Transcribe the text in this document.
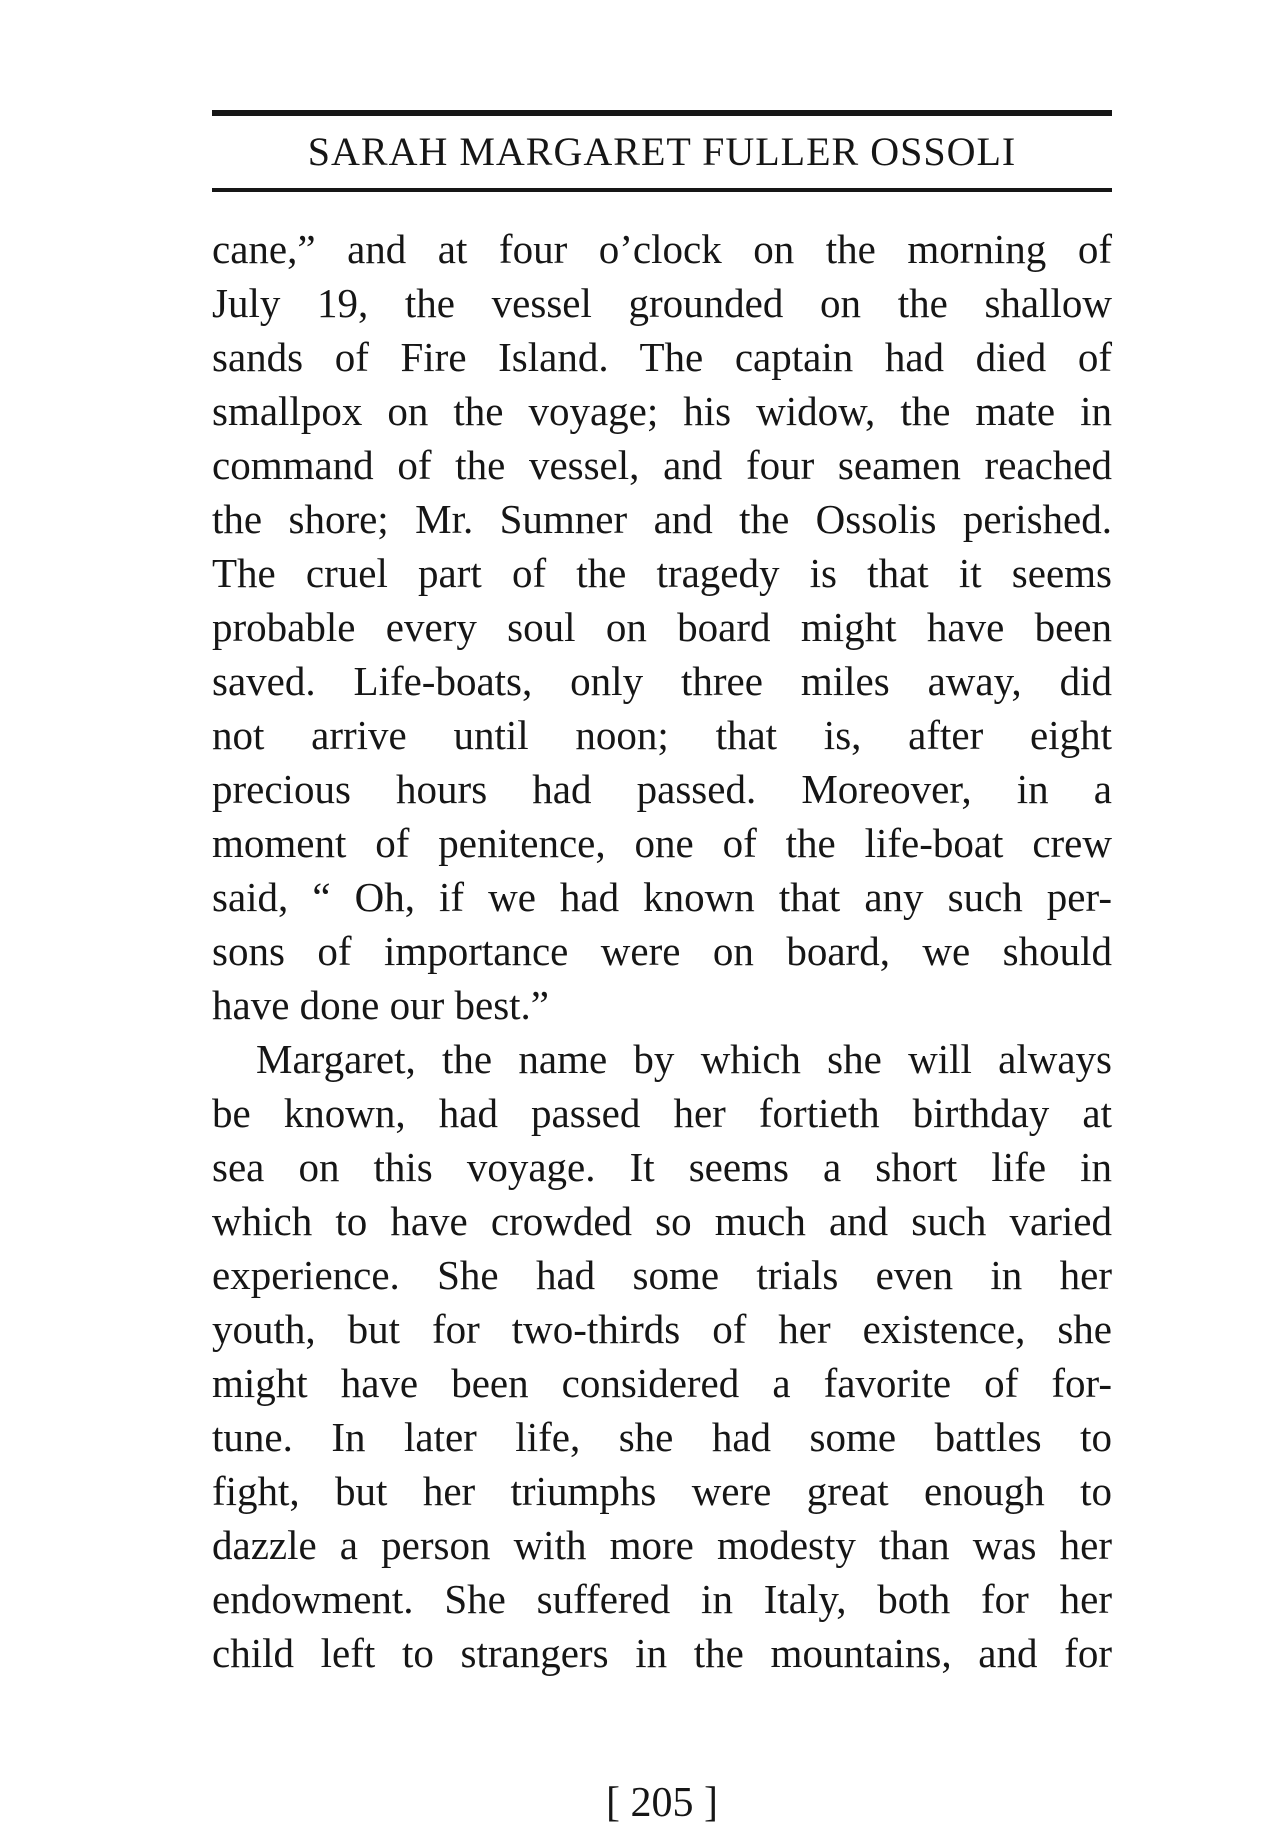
SARAH MARGARET FULLER OSSOLI
cane,” and at four o’clock on the morning of
July 19, the vessel grounded on the shallow
sands of Fire Island. The captain had died of
smallpox on the voyage; his widow, the mate in
command of the vessel, and four seamen reached
the shore; Mr. Sumner and the Ossolis perished.
The cruel part of the tragedy is that it seems
probable every soul on board might have been
saved. Life-boats, only three miles away, did
not arrive until noon; that is, after eight
precious hours had passed. Moreover, in a
moment of penitence, one of the life-boat crew
said, “ Oh, if we had known that any such per-
sons of importance were on board, we should
have done our best.”
Margaret, the name by which she will always
be known, had passed her fortieth birthday at
sea on this voyage. It seems a short life in
which to have crowded so much and such varied
experience. She had some trials even in her
youth, but for two-thirds of her existence, she
might have been considered a favorite of for-
tune. In later life, she had some battles to
fight, but her triumphs were great enough to
dazzle a person with more modesty than was her
endowment. She suffered in Italy, both for her
child left to strangers in the mountains, and for
[ 205 ]
